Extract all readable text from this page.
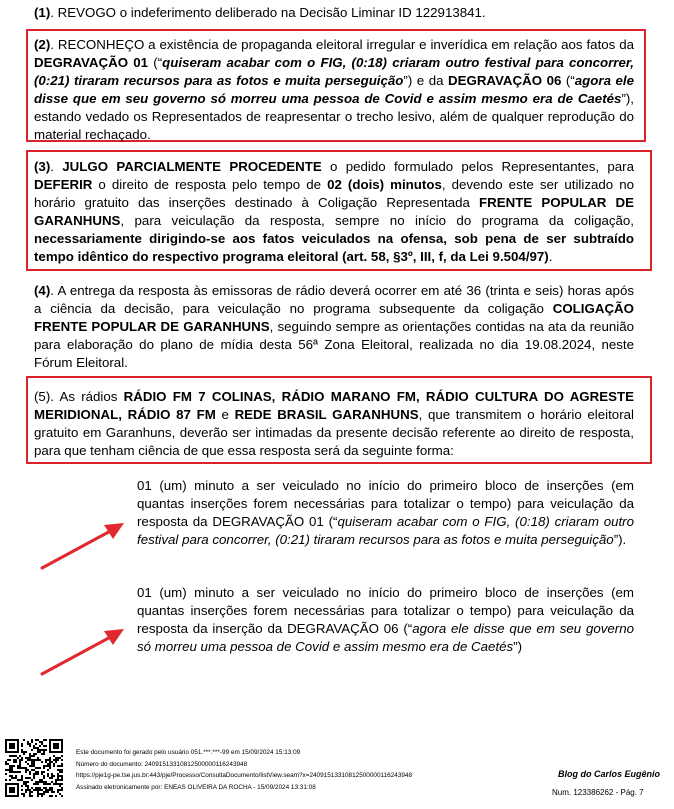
(1). REVOGO o indeferimento deliberado na Decisão Liminar ID 122913841.
(2). RECONHEÇO a existência de propaganda eleitoral irregular e inverídica em relação aos fatos da DEGRAVAÇÃO 01 (“quiseram acabar com o FIG, (0:18) criaram outro festival para concorrer, (0:21) tiraram recursos para as fotos e muita perseguição”) e da DEGRAVAÇÃO 06 (“agora ele disse que em seu governo só morreu uma pessoa de Covid e assim mesmo era de Caetés”), estando vedado os Representados de reapresentar o trecho lesivo, além de qualquer reprodução do material rechaçado.
(3). JULGO PARCIALMENTE PROCEDENTE o pedido formulado pelos Representantes, para DEFERIR o direito de resposta pelo tempo de 02 (dois) minutos, devendo este ser utilizado no horário gratuito das inserções destinado à Coligação Representada FRENTE POPULAR DE GARANHUNS, para veiculação da resposta, sempre no início do programa da coligação, necessariamente dirigindo-se aos fatos veiculados na ofensa, sob pena de ser subtraído tempo idêntico do respectivo programa eleitoral (art. 58, §3º, III, f, da Lei 9.504/97).
(4). A entrega da resposta às emissoras de rádio deverá ocorrer em até 36 (trinta e seis) horas após a ciência da decisão, para veiculação no programa subsequente da coligação COLIGAÇÃO FRENTE POPULAR DE GARANHUNS, seguindo sempre as orientações contidas na ata da reunião para elaboração do plano de mídia desta 56ª Zona Eleitoral, realizada no dia 19.08.2024, neste Fórum Eleitoral.
(5). As rádios RÁDIO FM 7 COLINAS, RÁDIO MARANO FM, RÁDIO CULTURA DO AGRESTE MERIDIONAL, RÁDIO 87 FM e REDE BRASIL GARANHUNS, que transmitem o horário eleitoral gratuito em Garanhuns, deverão ser intimadas da presente decisão referente ao direito de resposta, para que tenham ciência de que essa resposta será da seguinte forma:
01 (um) minuto a ser veiculado no início do primeiro bloco de inserções (em quantas inserções forem necessárias para totalizar o tempo) para veiculação da resposta da DEGRAVAÇÃO 01 (“quiseram acabar com o FIG, (0:18) criaram outro festival para concorrer, (0:21) tiraram recursos para as fotos e muita perseguição”).
01 (um) minuto a ser veiculado no início do primeiro bloco de inserções (em quantas inserções forem necessárias para totalizar o tempo) para veiculação da resposta da inserção da DEGRAVAÇÃO 06 (“agora ele disse que em seu governo só morreu uma pessoa de Covid e assim mesmo era de Caetés”)
Este documento foi gerado pelo usuário 051.***.***-99 em 15/09/2024 15:13:09
Número do documento: 24091513310812500000116243948
https://pje1g-pe.tse.jus.br:443/pje/Processo/ConsultaDocumento/listView.seam?x=24091513310812500000116243948
Assinado eletronicamente por: ENEAS OLIVEIRA DA ROCHA - 15/09/2024 13:31:08
Blog do Carlos Eugênio
Num. 123386262 - Pág. 7
